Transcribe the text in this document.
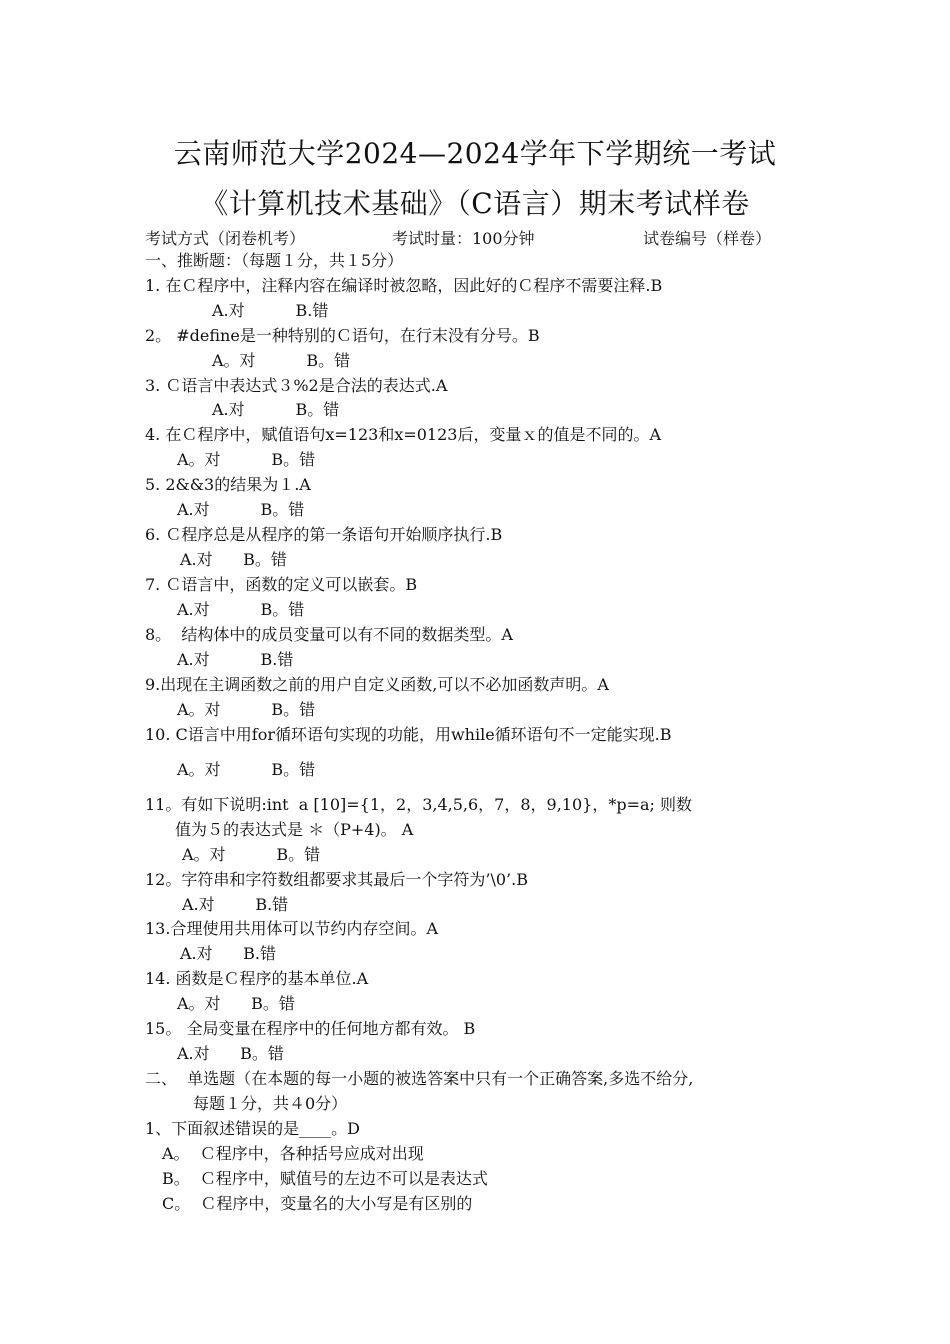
云南师范大学2024—2024学年下学期统一考试
《计算机技术基础》（C语言）期末考试样卷
考试方式（闭卷机考）	考试时量：100分钟	试卷编号（样卷）
一、推断题：（每题１分，共１5分）
1. 在Ｃ程序中，注释内容在编译时被忽略，因此好的Ｃ程序不需要注释.B
A.对          B.错
2。 #define是一种特别的Ｃ语句，在行末没有分号。B
A。对          B。错
3. Ｃ语言中表达式３%2是合法的表达式.A
A.对          B。错
4. 在Ｃ程序中，赋值语句x=123和x=0123后，变量ｘ的值是不同的。A
A。对          B。错
5. 2&&3的结果为１.A
A.对          B。错
6. Ｃ程序总是从程序的第一条语句开始顺序执行.B
A.对      B。错
7. Ｃ语言中，函数的定义可以嵌套。B
A.对          B。错
8。  结构体中的成员变量可以有不同的数据类型。A
A.对          B.错
9.出现在主调函数之前的用户自定义函数,可以不必加函数声明。A
A。对          B。错
10. C语言中用for循环语句实现的功能，用while循环语句不一定能实现.B
A。对          B。错
11。有如下说明:int  a [10]={1，2，3,4,5,6，7，8，9,10}，*p=a; 则数
值为５的表达式是 ＊（P+4)。 A
A。对          B。错
12。字符串和字符数组都要求其最后一个字符为’\0’.B
A.对        B.错
13.合理使用共用体可以节约内存空间。A
A.对      B.错
14. 函数是Ｃ程序的基本单位.A
A。对      B。错
15。 全局变量在程序中的任何地方都有效。 B
A.对      B。错
二、  单选题（在本题的每一小题的被选答案中只有一个正确答案,多选不给分,
每题１分，共４0分）
1、下面叙述错误的是____。D
A。  Ｃ程序中，各种括号应成对出现
B。  Ｃ程序中，赋值号的左边不可以是表达式
C。  Ｃ程序中，变量名的大小写是有区别的
